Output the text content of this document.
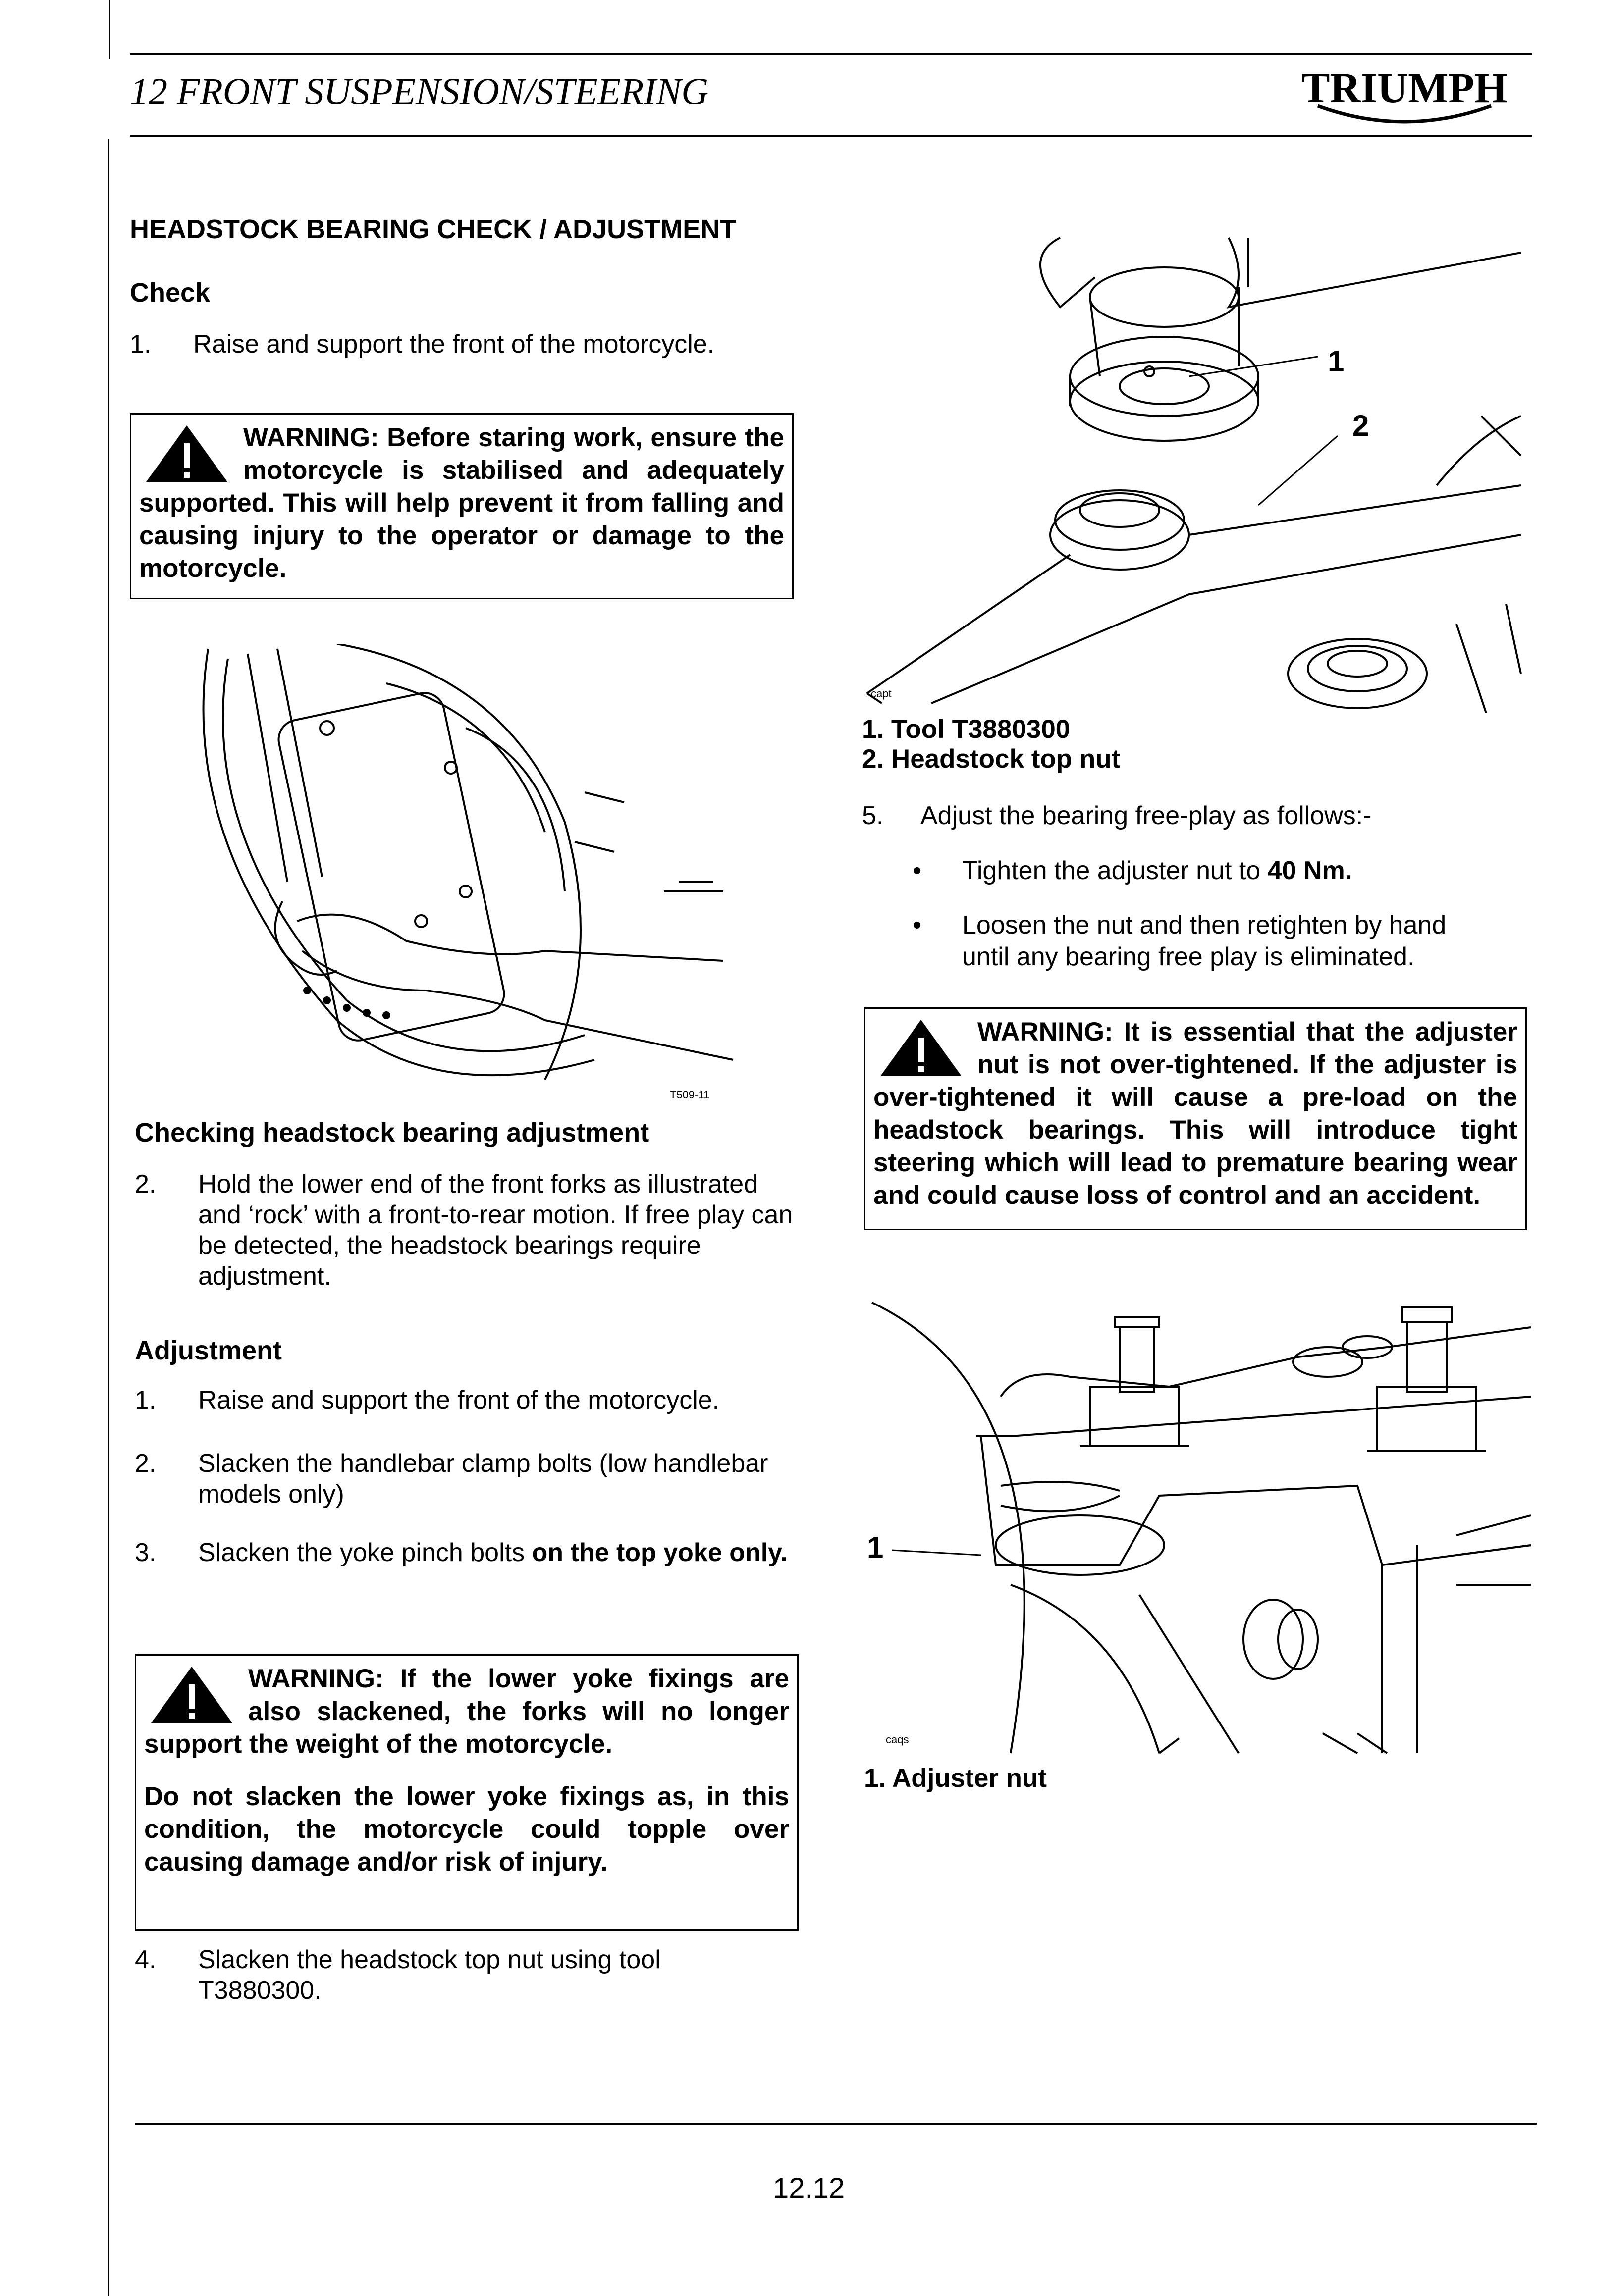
12 FRONT SUSPENSION/STEERING	TRIUMPH
HEADSTOCK BEARING CHECK / ADJUSTMENT
Check
1. Raise and support the front of the motorcycle.

WARNING: Before staring work, ensure the motorcycle is stabilised and adequately supported. This will help prevent it from falling and causing injury to the operator or damage to the motorcycle.

T509-11
Checking headstock bearing adjustment
2. Hold the lower end of the front forks as illustrated and ‘rock’ with a front-to-rear motion. If free play can be detected, the headstock bearings require adjustment.
Adjustment
1. Raise and support the front of the motorcycle.
2. Slacken the handlebar clamp bolts (low handlebar models only)
3. Slacken the yoke pinch bolts on the top yoke only.

WARNING: If the lower yoke fixings are also slackened, the forks will no longer support the weight of the motorcycle.

Do not slacken the lower yoke fixings as, in this condition, the motorcycle could topple over causing damage and/or risk of injury.

4. Slacken the headstock top nut using tool T3880300.
1
2
capt
1. Tool T3880300
2. Headstock top nut
5. Adjust the bearing free-play as follows:-
• Tighten the adjuster nut to 40 Nm.
• Loosen the nut and then retighten by hand until any bearing free play is eliminated.

WARNING: It is essential that the adjuster nut is not over-tightened. If the adjuster is over-tightened it will cause a pre-load on the headstock bearings. This will introduce tight steering which will lead to premature bearing wear and could cause loss of control and an accident.

1
caqs
1. Adjuster nut
12.12
